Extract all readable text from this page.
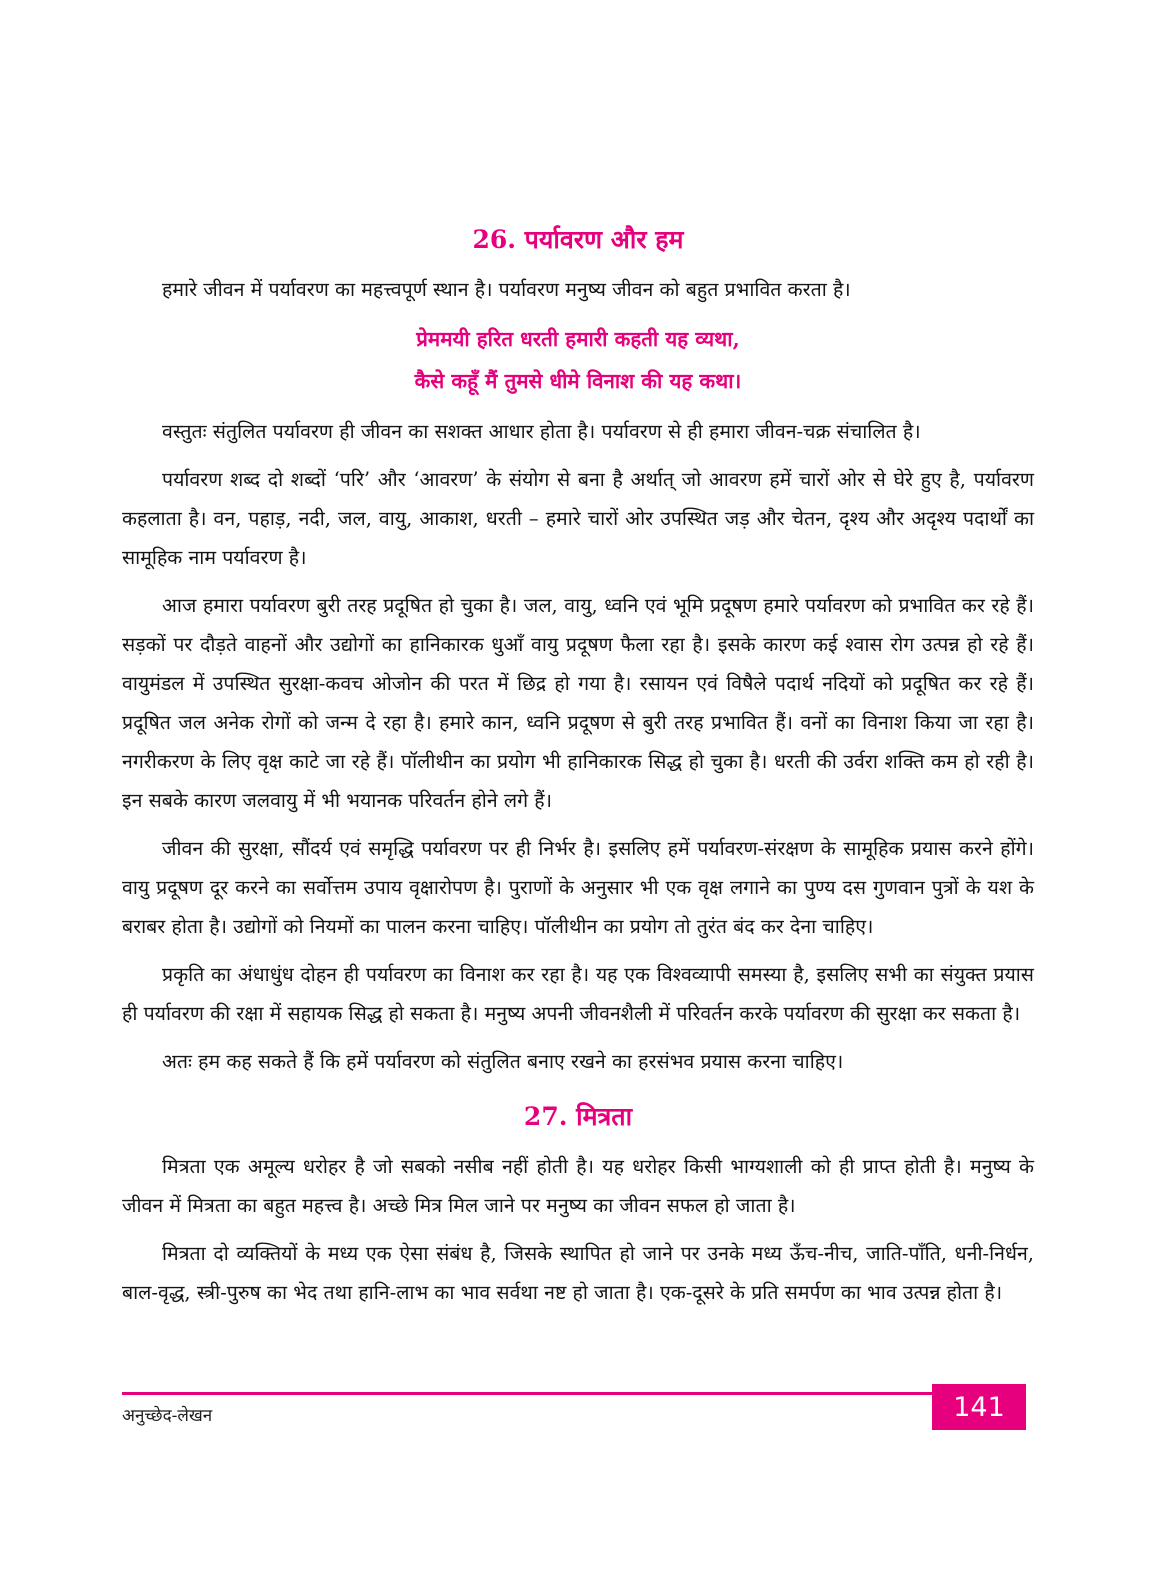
26. पर्यावरण और हम

हमारे जीवन में पर्यावरण का महत्त्वपूर्ण स्थान है। पर्यावरण मनुष्य जीवन को बहुत प्रभावित करता है।

प्रेममयी हरित धरती हमारी कहती यह व्यथा,

कैसे कहूँ मैं तुमसे धीमे विनाश की यह कथा।

वस्तुतः संतुलित पर्यावरण ही जीवन का सशक्त आधार होता है। पर्यावरण से ही हमारा जीवन-चक्र संचालित है।

पर्यावरण शब्द दो शब्दों ‘परि’ और ‘आवरण’ के संयोग से बना है अर्थात् जो आवरण हमें चारों ओर से घेरे हुए है, पर्यावरण कहलाता है। वन, पहाड़, नदी, जल, वायु, आकाश, धरती – हमारे चारों ओर उपस्थित जड़ और चेतन, दृश्य और अदृश्य पदार्थों का सामूहिक नाम पर्यावरण है।

आज हमारा पर्यावरण बुरी तरह प्रदूषित हो चुका है। जल, वायु, ध्वनि एवं भूमि प्रदूषण हमारे पर्यावरण को प्रभावित कर रहे हैं। सड़कों पर दौड़ते वाहनों और उद्योगों का हानिकारक धुआँ वायु प्रदूषण फैला रहा है। इसके कारण कई श्वास रोग उत्पन्न हो रहे हैं। वायुमंडल में उपस्थित सुरक्षा-कवच ओजोन की परत में छिद्र हो गया है। रसायन एवं विषैले पदार्थ नदियों को प्रदूषित कर रहे हैं। प्रदूषित जल अनेक रोगों को जन्म दे रहा है। हमारे कान, ध्वनि प्रदूषण से बुरी तरह प्रभावित हैं। वनों का विनाश किया जा रहा है। नगरीकरण के लिए वृक्ष काटे जा रहे हैं। पॉलीथीन का प्रयोग भी हानिकारक सिद्ध हो चुका है। धरती की उर्वरा शक्ति कम हो रही है। इन सबके कारण जलवायु में भी भयानक परिवर्तन होने लगे हैं।

जीवन की सुरक्षा, सौंदर्य एवं समृद्धि पर्यावरण पर ही निर्भर है। इसलिए हमें पर्यावरण-संरक्षण के सामूहिक प्रयास करने होंगे। वायु प्रदूषण दूर करने का सर्वोत्तम उपाय वृक्षारोपण है। पुराणों के अनुसार भी एक वृक्ष लगाने का पुण्य दस गुणवान पुत्रों के यश के बराबर होता है। उद्योगों को नियमों का पालन करना चाहिए। पॉलीथीन का प्रयोग तो तुरंत बंद कर देना चाहिए।

प्रकृति का अंधाधुंध दोहन ही पर्यावरण का विनाश कर रहा है। यह एक विश्वव्यापी समस्या है, इसलिए सभी का संयुक्त प्रयास ही पर्यावरण की रक्षा में सहायक सिद्ध हो सकता है। मनुष्य अपनी जीवनशैली में परिवर्तन करके पर्यावरण की सुरक्षा कर सकता है।

अतः हम कह सकते हैं कि हमें पर्यावरण को संतुलित बनाए रखने का हरसंभव प्रयास करना चाहिए।

27. मित्रता

मित्रता एक अमूल्य धरोहर है जो सबको नसीब नहीं होती है। यह धरोहर किसी भाग्यशाली को ही प्राप्त होती है। मनुष्य के जीवन में मित्रता का बहुत महत्त्व है। अच्छे मित्र मिल जाने पर मनुष्य का जीवन सफल हो जाता है।

मित्रता दो व्यक्तियों के मध्य एक ऐसा संबंध है, जिसके स्थापित हो जाने पर उनके मध्य ऊँच-नीच, जाति-पाँति, धनी-निर्धन, बाल-वृद्ध, स्त्री-पुरुष का भेद तथा हानि-लाभ का भाव सर्वथा नष्ट हो जाता है। एक-दूसरे के प्रति समर्पण का भाव उत्पन्न होता है।

अनुच्छेद-लेखन	141
